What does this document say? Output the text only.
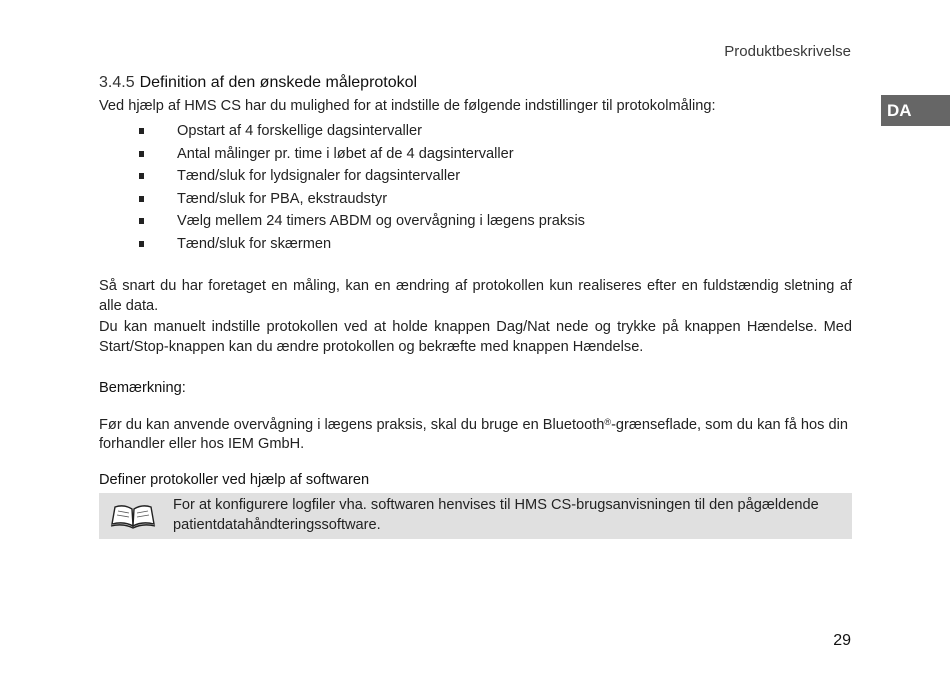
Produktbeskrivelse
DA
3.4.5 Definition af den ønskede måleprotokol

Ved hjælp af HMS CS har du mulighed for at indstille de følgende indstillinger til protokolmåling:

Opstart af 4 forskellige dagsintervaller
Antal målinger pr. time i løbet af de 4 dagsintervaller
Tænd/sluk for lydsignaler for dagsintervaller
Tænd/sluk for PBA, ekstraudstyr
Vælg mellem 24 timers ABDM og overvågning i lægens praksis
Tænd/sluk for skærmen

Så snart du har foretaget en måling, kan en ændring af protokollen kun realiseres efter en fuldstændig sletning af alle data.

Du kan manuelt indstille protokollen ved at holde knappen Dag/Nat nede og trykke på knappen Hændelse. Med Start/Stop-knappen kan du ændre protokollen og bekræfte med knappen Hændelse.

Bemærkning:

Før du kan anvende overvågning i lægens praksis, skal du bruge en Bluetooth®-grænseflade, som du kan få hos din forhandler eller hos IEM GmbH.

Definer protokoller ved hjælp af softwaren

For at konfigurere logfiler vha. softwaren henvises til HMS CS-brugsanvisningen til den pågældende patientdatahåndteringssoftware.

29
